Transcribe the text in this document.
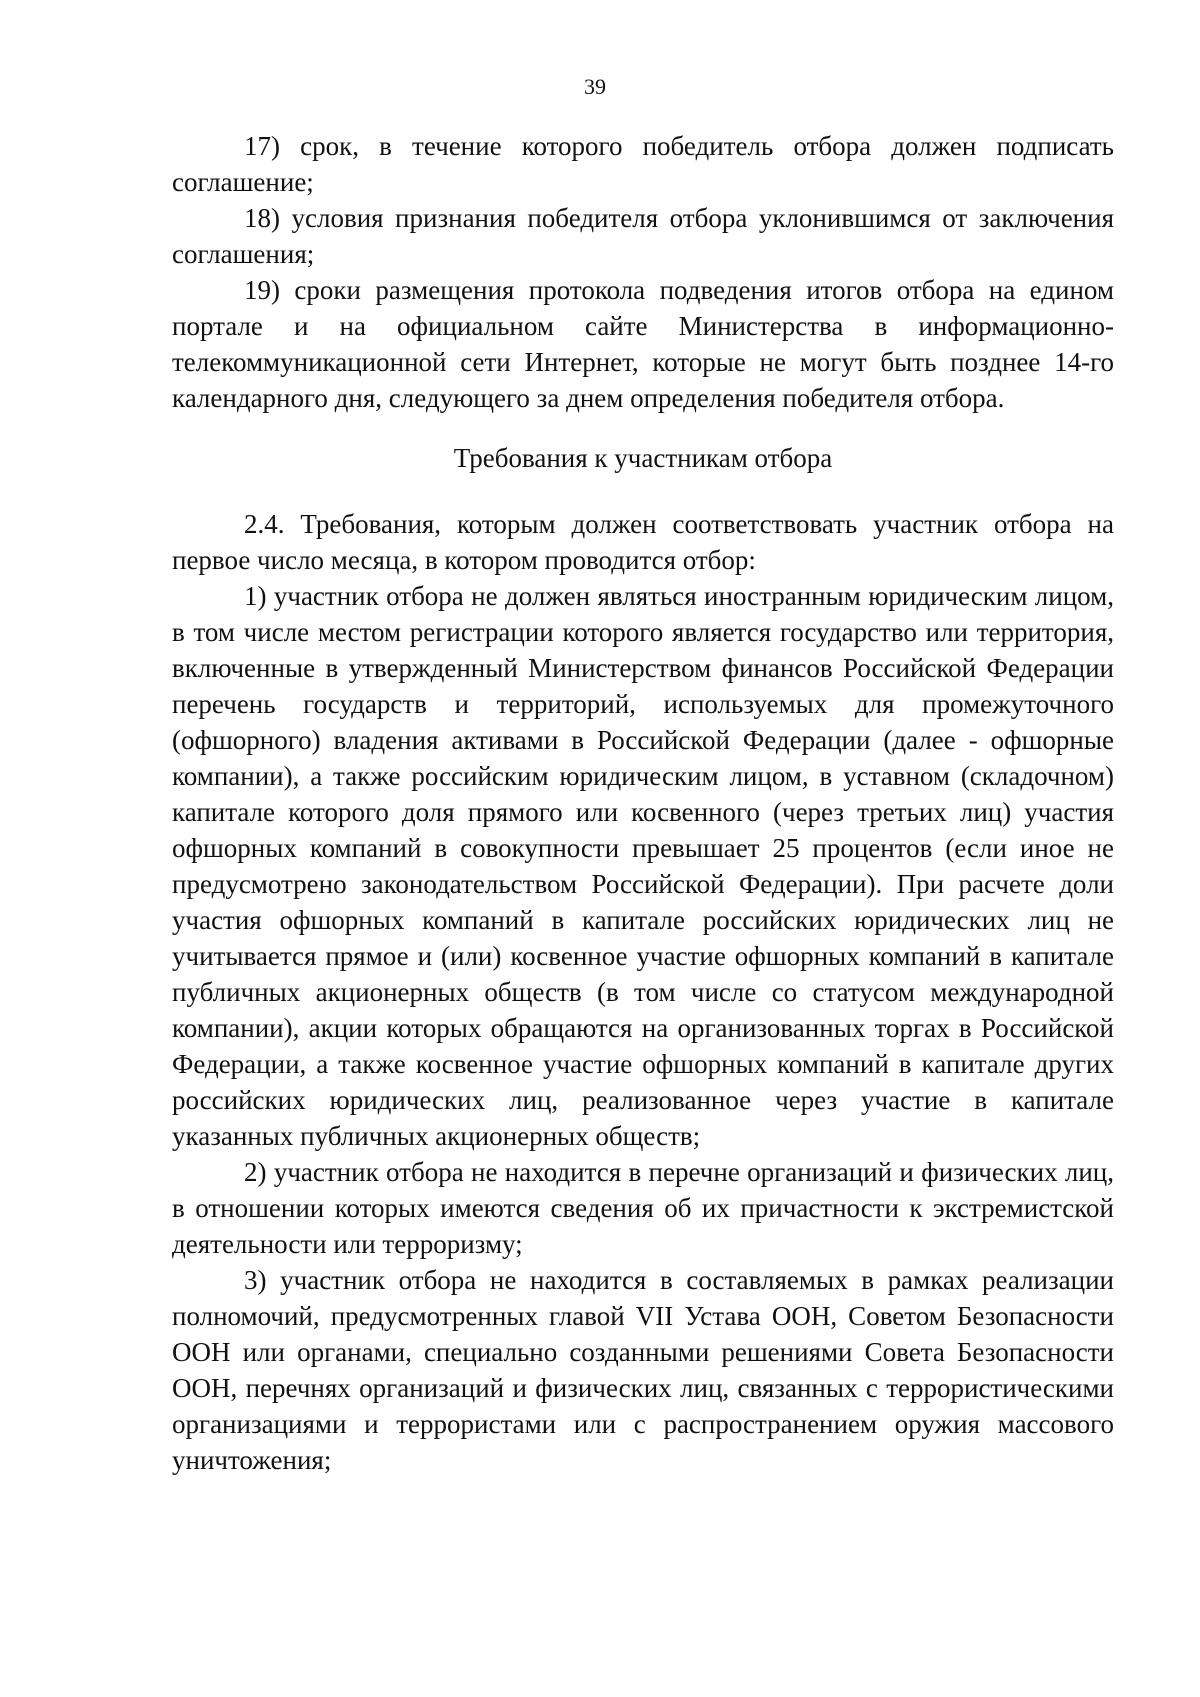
39

17) срок, в течение которого победитель отбора должен подписать соглашение;

18) условия признания победителя отбора уклонившимся от заключения соглашения;

19) сроки размещения протокола подведения итогов отбора на едином портале и на официальном сайте Министерства в информационно-телекоммуникационной сети Интернет, которые не могут быть позднее 14-го календарного дня, следующего за днем определения победителя отбора.

Требования к участникам отбора

2.4. Требования, которым должен соответствовать участник отбора на первое число месяца, в котором проводится отбор:

1) участник отбора не должен являться иностранным юридическим лицом, в том числе местом регистрации которого является государство или территория, включенные в утвержденный Министерством финансов Российской Федерации перечень государств и территорий, используемых для промежуточного (офшорного) владения активами в Российской Федерации (далее - офшорные компании), а также российским юридическим лицом, в уставном (складочном) капитале которого доля прямого или косвенного (через третьих лиц) участия офшорных компаний в совокупности превышает 25 процентов (если иное не предусмотрено законодательством Российской Федерации). При расчете доли участия офшорных компаний в капитале российских юридических лиц не учитывается прямое и (или) косвенное участие офшорных компаний в капитале публичных акционерных обществ (в том числе со статусом международной компании), акции которых обращаются на организованных торгах в Российской Федерации, а также косвенное участие офшорных компаний в капитале других российских юридических лиц, реализованное через участие в капитале указанных публичных акционерных обществ;

2) участник отбора не находится в перечне организаций и физических лиц, в отношении которых имеются сведения об их причастности к экстремистской деятельности или терроризму;

3) участник отбора не находится в составляемых в рамках реализации полномочий, предусмотренных главой VII Устава ООН, Советом Безопасности ООН или органами, специально созданными решениями Совета Безопасности ООН, перечнях организаций и физических лиц, связанных с террористическими организациями и террористами или с распространением оружия массового уничтожения;
